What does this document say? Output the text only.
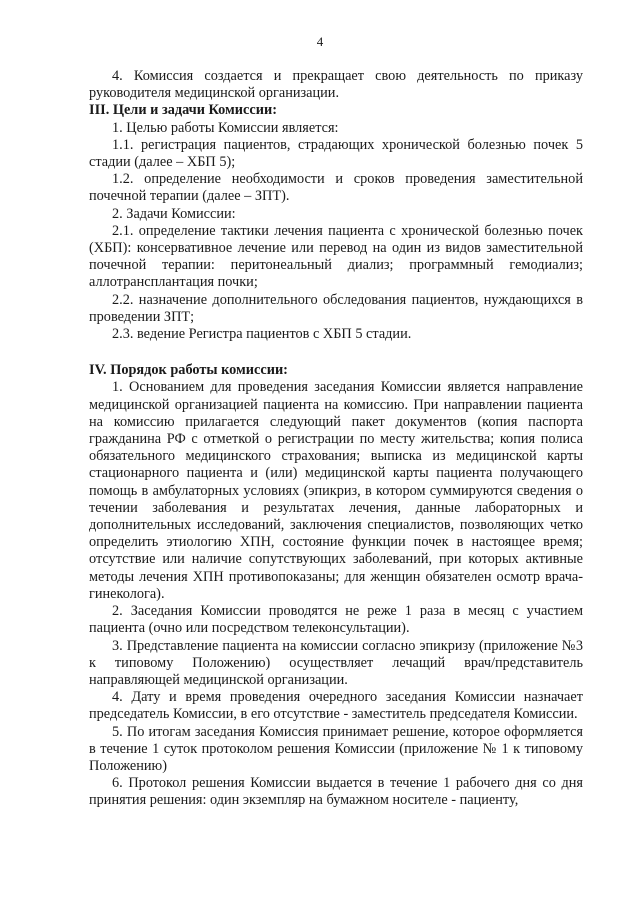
4

4. Комиссия создается и прекращает свою деятельность по приказу руководителя медицинской организации.

III. Цели и задачи Комиссии:

1. Целью работы Комиссии является:

1.1. регистрация пациентов, страдающих хронической болезнью почек 5 стадии (далее – ХБП 5);

1.2. определение необходимости и сроков проведения заместительной почечной терапии (далее – ЗПТ).

2. Задачи Комиссии:

2.1. определение тактики лечения пациента с хронической болезнью почек (ХБП): консервативное лечение или перевод на один из видов заместительной почечной терапии: перитонеальный диализ; программный гемодиализ; аллотрансплантация почки;

2.2. назначение дополнительного обследования пациентов, нуждающихся в проведении ЗПТ;

2.3. ведение Регистра пациентов с ХБП 5 стадии.

IV. Порядок работы комиссии:

1. Основанием для проведения заседания Комиссии является направление медицинской организацией пациента на комиссию. При направлении пациента на комиссию прилагается следующий пакет документов (копия паспорта гражданина РФ с отметкой о регистрации по месту жительства; копия полиса обязательного медицинского страхования; выписка из медицинской карты стационарного пациента и (или) медицинской карты пациента получающего помощь в амбулаторных условиях (эпикриз, в котором суммируются сведения о течении заболевания и результатах лечения, данные лабораторных и дополнительных исследований, заключения специалистов, позволяющих четко определить этиологию ХПН, состояние функции почек в настоящее время; отсутствие или наличие сопутствующих заболеваний, при которых активные методы лечения ХПН противопоказаны; для женщин обязателен осмотр врача-гинеколога).

2. Заседания Комиссии проводятся не реже 1 раза в месяц с участием пациента (очно или посредством телеконсультации).

3. Представление пациента на комиссии согласно эпикризу (приложение №3 к типовому Положению) осуществляет лечащий врач/представитель направляющей медицинской организации.

4. Дату и время проведения очередного заседания Комиссии назначает председатель Комиссии, в его отсутствие - заместитель председателя Комиссии.

5. По итогам заседания Комиссия принимает решение, которое оформляется в течение 1 суток протоколом решения Комиссии (приложение № 1 к типовому Положению)

6. Протокол решения Комиссии выдается в течение 1 рабочего дня со дня принятия решения: один экземпляр на бумажном носителе - пациенту,
